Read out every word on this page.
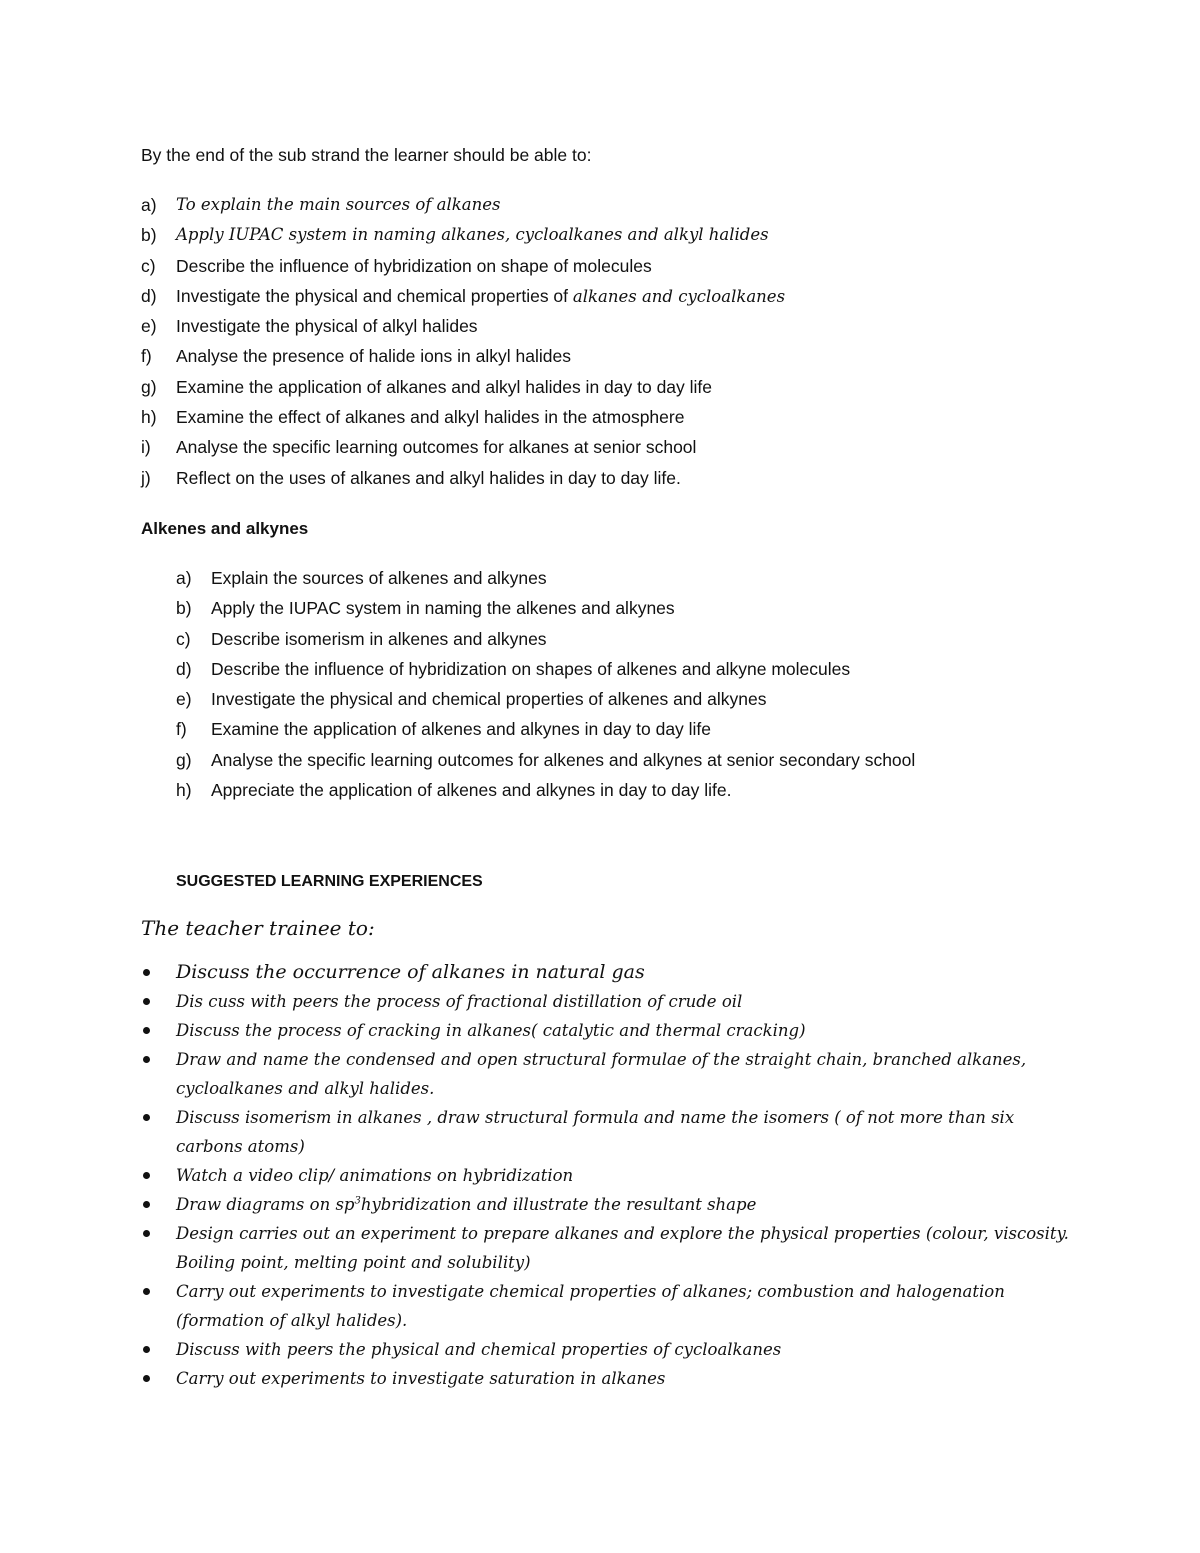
By the end of the sub strand the learner should be able to:

a) To explain the main sources of alkanes
b) Apply IUPAC system in naming alkanes, cycloalkanes and alkyl halides
c) Describe the influence of hybridization on shape of molecules
d) Investigate the physical and chemical properties of alkanes and cycloalkanes
e) Investigate the physical of alkyl halides
f) Analyse the presence of halide ions in alkyl halides
g) Examine the application of alkanes and alkyl halides in day to day life
h) Examine the effect of alkanes and alkyl halides in the atmosphere
i) Analyse the specific learning outcomes for alkanes at senior school
j) Reflect on the uses of alkanes and alkyl halides in day to day life.
Alkenes and alkynes
a) Explain the sources of alkenes and alkynes
b) Apply the IUPAC system in naming the alkenes and alkynes
c) Describe isomerism in alkenes and alkynes
d) Describe the influence of hybridization on shapes of alkenes and alkyne molecules
e) Investigate the physical and chemical properties of alkenes and alkynes
f) Examine the application of alkenes and alkynes in day to day life
g) Analyse the specific learning outcomes for alkenes and alkynes at senior secondary school
h) Appreciate the application of alkenes and alkynes in day to day life.
SUGGESTED LEARNING EXPERIENCES
The teacher trainee to:
Discuss the occurrence of alkanes in natural gas
Dis cuss with peers the process of fractional distillation of crude oil
Discuss the process of cracking in alkanes( catalytic and thermal cracking)
Draw and name the condensed and open structural formulae of the straight chain, branched alkanes, cycloalkanes and alkyl halides.
Discuss isomerism in alkanes , draw structural formula and name the isomers ( of not more than six carbons atoms)
Watch a video clip/ animations on hybridization
Draw diagrams on $sp^3hybridization$ and illustrate the resultant shape
Design carries out an experiment to prepare alkanes and explore the physical properties (colour, viscosity. Boiling point, melting point and solubility)
Carry out experiments to investigate chemical properties of alkanes; combustion and halogenation (formation of alkyl halides).
Discuss with peers the physical and chemical properties of cycloalkanes
Carry out experiments to investigate saturation in alkanes
